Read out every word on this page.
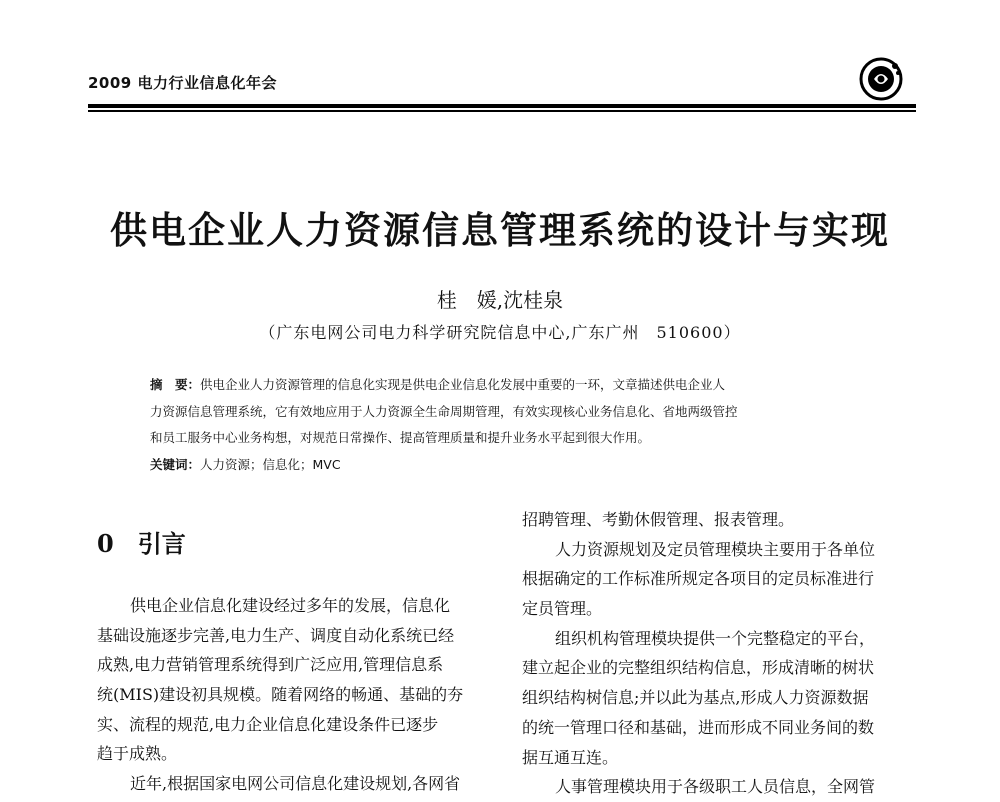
2009 电力行业信息化年会
供电企业人力资源信息管理系统的设计与实现
桂　媛,沈桂泉
（广东电网公司电力科学研究院信息中心,广东广州　510600）

摘　要：供电企业人力资源管理的信息化实现是供电企业信息化发展中重要的一环，文章描述供电企业人

力资源信息管理系统，它有效地应用于人力资源全生命周期管理，有效实现核心业务信息化、省地两级管控

和员工服务中心业务构想，对规范日常操作、提高管理质量和提升业务水平起到很大作用。

关键词：人力资源；信息化；MVC

0　引言

供电企业信息化建设经过多年的发展，信息化

基础设施逐步完善,电力生产、调度自动化系统已经

成熟,电力营销管理系统得到广泛应用,管理信息系

统(MIS)建设初具规模。随着网络的畅通、基础的夯

实、流程的规范,电力企业信息化建设条件已逐步

趋于成熟。

近年,根据国家电网公司信息化建设规划,各网省

招聘管理、考勤休假管理、报表管理。

人力资源规划及定员管理模块主要用于各单位

根据确定的工作标准所规定各项目的定员标准进行

定员管理。

组织机构管理模块提供一个完整稳定的平台，

建立起企业的完整组织结构信息，形成清晰的树状

组织结构树信息;并以此为基点,形成人力资源数据

的统一管理口径和基础，进而形成不同业务间的数

据互通互连。

人事管理模块用于各级职工人员信息，全网管
